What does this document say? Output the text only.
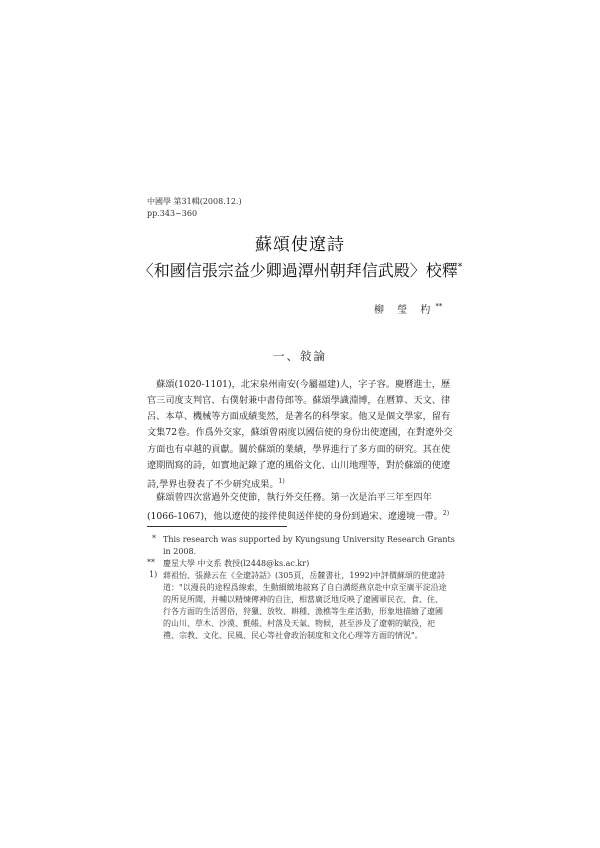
中國學 第31輯(2008.12.)
pp.343~360
蘇頌使遼詩
〈和國信張宗益少卿過潭州朝拜信武殿〉校釋*
柳 瑩 杓**
一、敍論
　蘇頌(1020-1101)，北宋泉州南安(今屬福建)人，字子容。慶曆進士，歷
官三司度支判官、右僕射兼中書侍郎等。蘇頌學識淵博，在曆算、天文、律
呂、本草、機械等方面成績斐然，是著名的科學家。他又是個文學家，留有
文集72卷。作爲外交家，蘇頌曾兩度以國信使的身份出使遼國，在對遼外交
方面也有卓越的貢獻。關於蘇頌的業績，學界進行了多方面的研究。其在使
遼期間寫的詩，如實地記錄了遼的風俗文化、山川地理等，對於蘇頌的使遼
詩,學界也發表了不少研究成果。$^{1)}$
　蘇頌曾四次當過外交使節，執行外交任務。第一次是治平三年至四年
(1066-1067)，他以遼使的接伴使與送伴使的身份到過宋、遼邊境一帶。$^{2)}$
* This research was supported by Kyungsung University Research Grants
in 2008.
** 慶星大學 中文系 教授(l2448@ks.ac.kr)
1) 蔣祖怡、張滌云在《全遼詩話》(305頁，岳麓書社，1992)中評價蘇頌的使遼詩
道："以漫長的途程爲線索，生動細緻地敍寫了自白溝經燕京赴中京至廣平淀沿途
的所見所聞，并輔以精煉傳神的自注，相當廣泛地反映了遼國軍民衣、食、住、
行各方面的生活習俗，狩獵、放牧、耕種、漁樵等生産活動，形象地描繪了遼國
的山川、草木、沙漠、氈帳、村落及天氣、物候，甚至涉及了遼朝的賦役，祀
禮、宗教、文化、民風、民心等社會政治制度和文化心理等方面的情況"。
